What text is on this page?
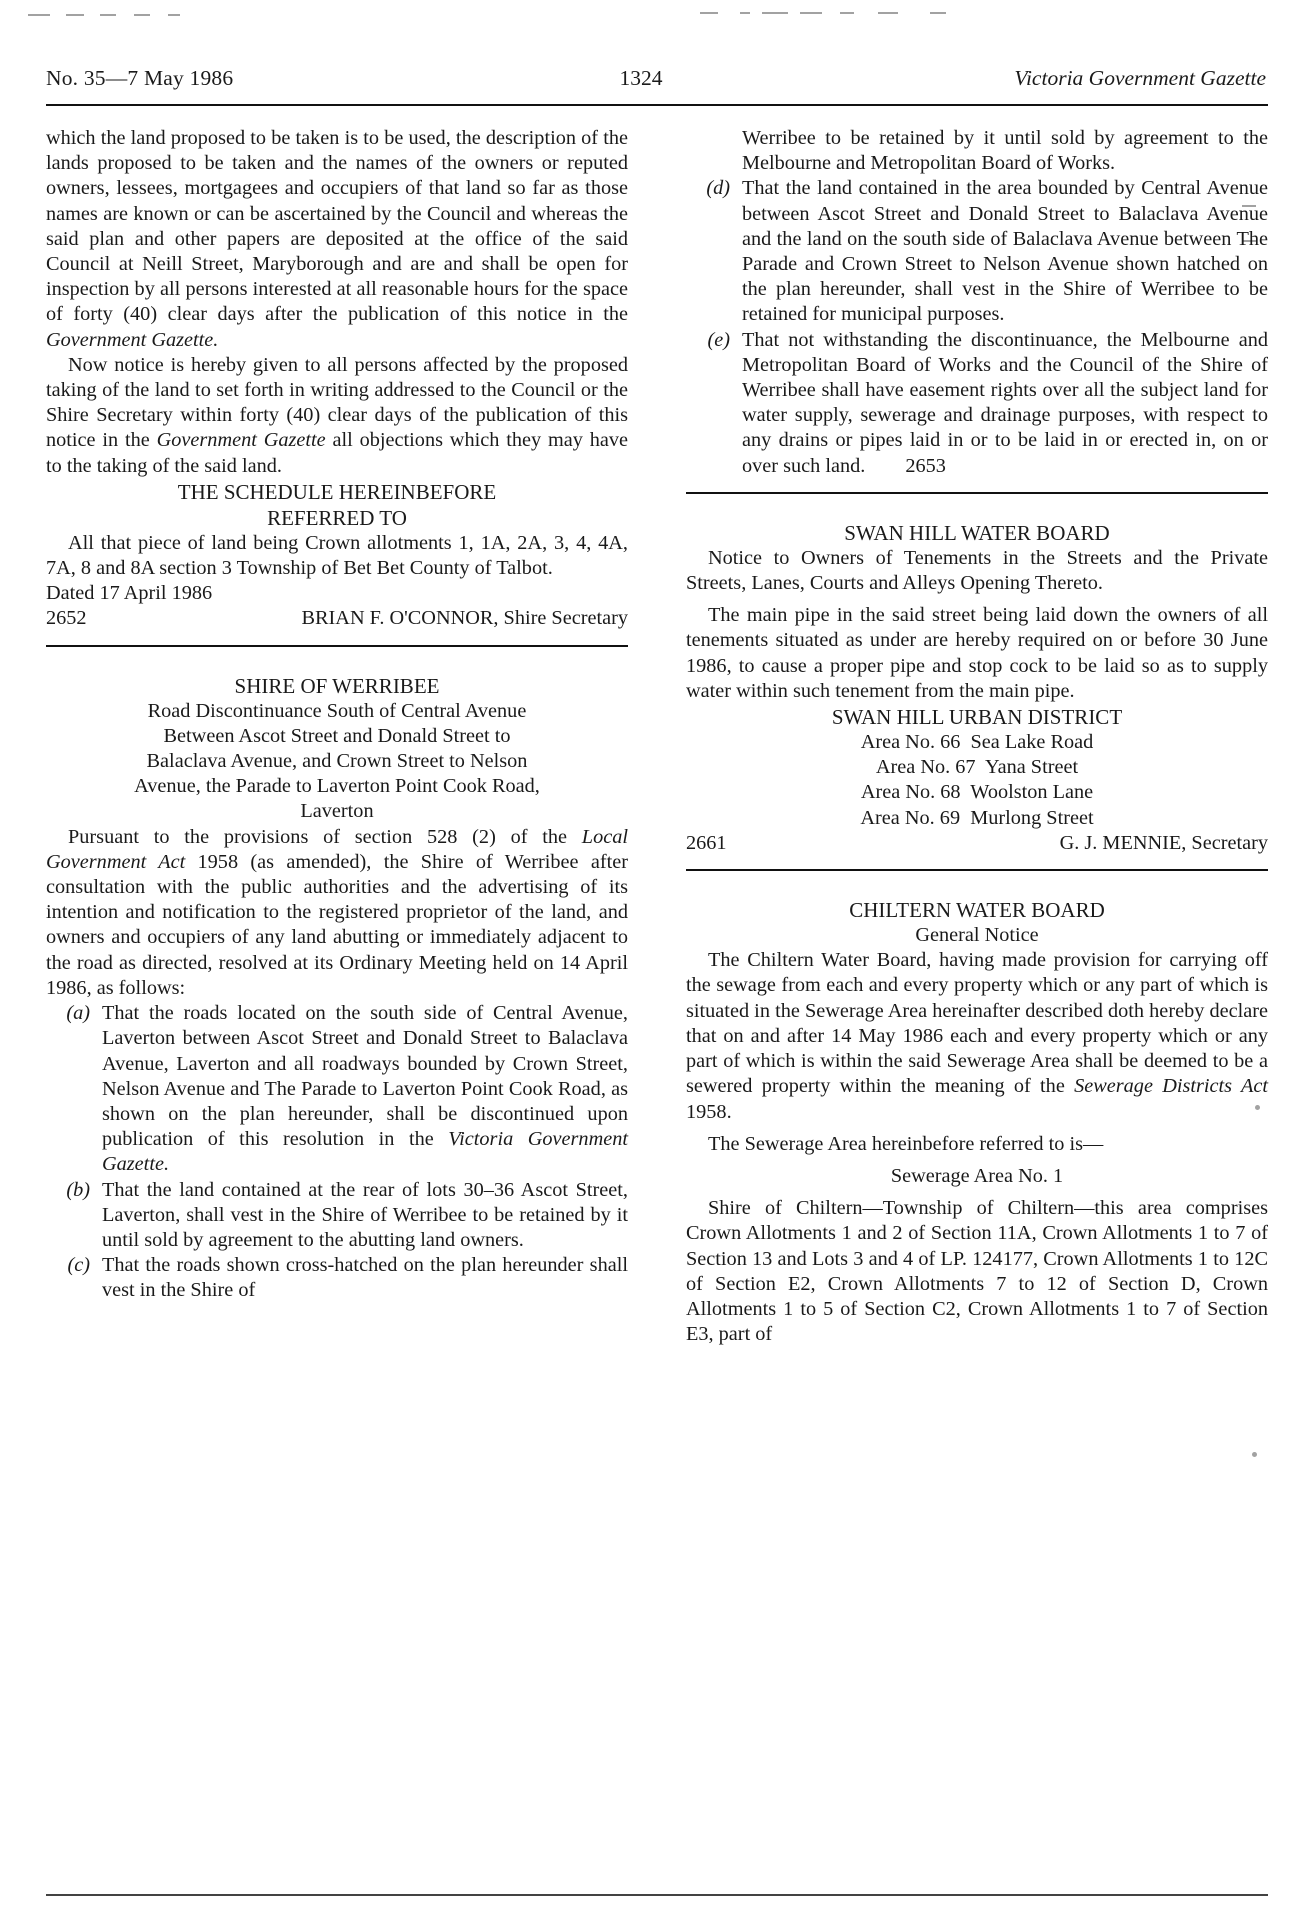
No. 35—7 May 1986	1324	Victoria Government Gazette

which the land proposed to be taken is to be used, the description of the lands proposed to be taken and the names of the owners or reputed owners, lessees, mortgagees and occupiers of that land so far as those names are known or can be ascertained by the Council and whereas the said plan and other papers are deposited at the office of the said Council at Neill Street, Maryborough and are and shall be open for inspection by all persons interested at all reasonable hours for the space of forty (40) clear days after the publication of this notice in the Government Gazette.

Now notice is hereby given to all persons affected by the proposed taking of the land to set forth in writing addressed to the Council or the Shire Secretary within forty (40) clear days of the publication of this notice in the Government Gazette all objections which they may have to the taking of the said land.

THE SCHEDULE HEREINBEFORE

REFERRED TO

All that piece of land being Crown allotments 1, 1A, 2A, 3, 4, 4A, 7A, 8 and 8A section 3 Township of Bet Bet County of Talbot.

Dated 17 April 1986

2652	BRIAN F. O'CONNOR, Shire Secretary

SHIRE OF WERRIBEE

Road Discontinuance South of Central Avenue

Between Ascot Street and Donald Street to

Balaclava Avenue, and Crown Street to Nelson

Avenue, the Parade to Laverton Point Cook Road,

Laverton

Pursuant to the provisions of section 528 (2) of the Local Government Act 1958 (as amended), the Shire of Werribee after consultation with the public authorities and the advertising of its intention and notification to the registered proprietor of the land, and owners and occupiers of any land abutting or immediately adjacent to the road as directed, resolved at its Ordinary Meeting held on 14 April 1986, as follows:

(a) That the roads located on the south side of Central Avenue, Laverton between Ascot Street and Donald Street to Balaclava Avenue, Laverton and all roadways bounded by Crown Street, Nelson Avenue and The Parade to Laverton Point Cook Road, as shown on the plan hereunder, shall be discontinued upon publication of this resolution in the Victoria Government Gazette.
(b) That the land contained at the rear of lots 30–36 Ascot Street, Laverton, shall vest in the Shire of Werribee to be retained by it until sold by agreement to the abutting land owners.
(c) That the roads shown cross-hatched on the plan hereunder shall vest in the Shire of
Werribee to be retained by it until sold by agreement to the Melbourne and Metropolitan Board of Works.
(d) That the land contained in the area bounded by Central Avenue between Ascot Street and Donald Street to Balaclava Avenue and the land on the south side of Balaclava Avenue between The Parade and Crown Street to Nelson Avenue shown hatched on the plan hereunder, shall vest in the Shire of Werribee to be retained for municipal purposes.
(e) That not withstanding the discontinuance, the Melbourne and Metropolitan Board of Works and the Council of the Shire of Werribee shall have easement rights over all the subject land for water supply, sewerage and drainage purposes, with respect to any drains or pipes laid in or to be laid in or erected in, on or over such land. 2653

SWAN HILL WATER BOARD

Notice to Owners of Tenements in the Streets and the Private Streets, Lanes, Courts and Alleys Opening Thereto.

The main pipe in the said street being laid down the owners of all tenements situated as under are hereby required on or before 30 June 1986, to cause a proper pipe and stop cock to be laid so as to supply water within such tenement from the main pipe.

SWAN HILL URBAN DISTRICT

Area No. 66  Sea Lake Road
Area No. 67  Yana Street
Area No. 68  Woolston Lane
Area No. 69  Murlong Street
2661	G. J. MENNIE, Secretary

CHILTERN WATER BOARD

General Notice

The Chiltern Water Board, having made provision for carrying off the sewage from each and every property which or any part of which is situated in the Sewerage Area hereinafter described doth hereby declare that on and after 14 May 1986 each and every property which or any part of which is within the said Sewerage Area shall be deemed to be a sewered property within the meaning of the Sewerage Districts Act 1958.

The Sewerage Area hereinbefore referred to is—

Sewerage Area No. 1

Shire of Chiltern—Township of Chiltern—this area comprises Crown Allotments 1 and 2 of Section 11A, Crown Allotments 1 to 7 of Section 13 and Lots 3 and 4 of LP. 124177, Crown Allotments 1 to 12C of Section E2, Crown Allotments 7 to 12 of Section D, Crown Allotments 1 to 5 of Section C2, Crown Allotments 1 to 7 of Section E3, part of
